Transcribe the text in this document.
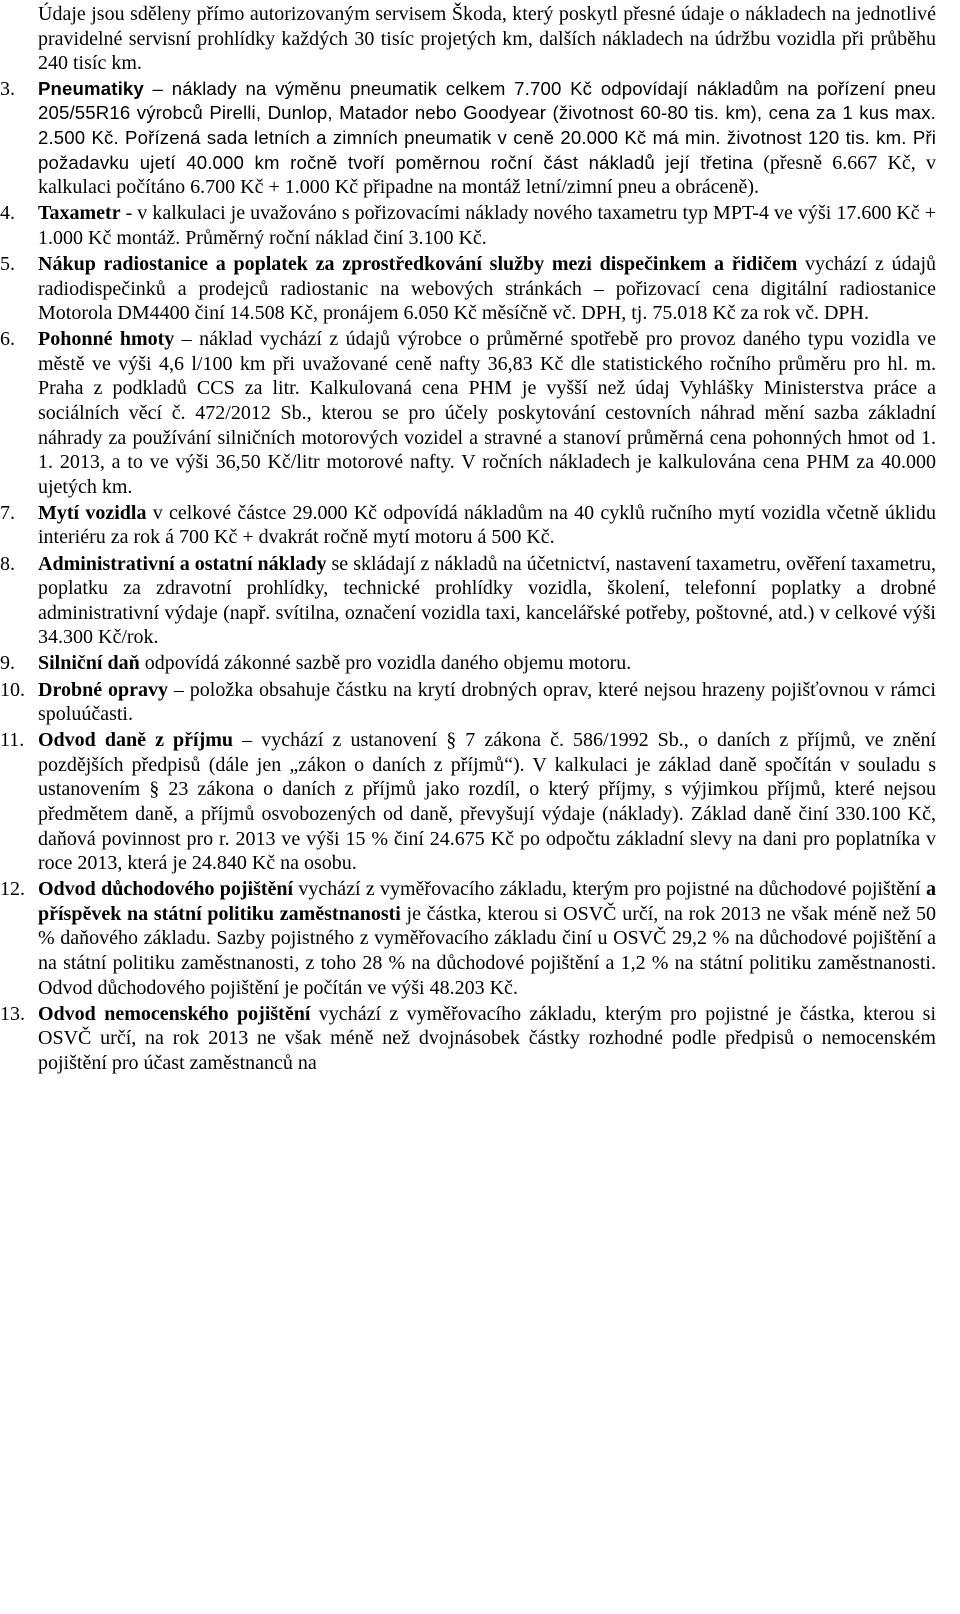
Údaje jsou sděleny přímo autorizovaným servisem Škoda, který poskytl přesné údaje o nákladech na jednotlivé pravidelné servisní prohlídky každých 30 tisíc projetých km, dalších nákladech na údržbu vozidla při průběhu 240 tisíc km.

3.	Pneumatiky – náklady na výměnu pneumatik celkem 7.700 Kč odpovídají nákladům na pořízení pneu 205/55R16 výrobců Pirelli, Dunlop, Matador nebo Goodyear (životnost 60-80 tis. km), cena za 1 kus max. 2.500 Kč. Pořízená sada letních a zimních pneumatik v ceně 20.000 Kč má min. životnost 120 tis. km. Při požadavku ujetí 40.000 km ročně tvoří poměrnou roční část nákladů její třetina (přesně 6.667 Kč, v kalkulaci počítáno 6.700 Kč + 1.000 Kč připadne na montáž letní/zimní pneu a obráceně).
4.	Taxametr - v kalkulaci je uvažováno s pořizovacími náklady nového taxametru typ MPT-4 ve výši 17.600 Kč + 1.000 Kč montáž. Průměrný roční náklad činí 3.100 Kč.
5.	Nákup radiostanice a poplatek za zprostředkování služby mezi dispečinkem a řidičem vychází z údajů radiodispečinků a prodejců radiostanic na webových stránkách – pořizovací cena digitální radiostanice Motorola DM4400 činí 14.508 Kč, pronájem 6.050 Kč měsíčně vč. DPH, tj. 75.018 Kč za rok vč. DPH.
6.	Pohonné hmoty – náklad vychází z údajů výrobce o průměrné spotřebě pro provoz daného typu vozidla ve městě ve výši 4,6 l/100 km při uvažované ceně nafty 36,83 Kč dle statistického ročního průměru pro hl. m. Praha z podkladů CCS za litr. Kalkulovaná cena PHM je vyšší než údaj Vyhlášky Ministerstva práce a sociálních věcí č. 472/2012 Sb., kterou se pro účely poskytování cestovních náhrad mění sazba základní náhrady za používání silničních motorových vozidel a stravné a stanoví průměrná cena pohonných hmot od 1. 1. 2013, a to ve výši 36,50 Kč/litr motorové nafty. V ročních nákladech je kalkulována cena PHM za 40.000 ujetých km.
7.	Mytí vozidla v celkové částce 29.000 Kč odpovídá nákladům na 40 cyklů ručního mytí vozidla včetně úklidu interiéru za rok á 700 Kč + dvakrát ročně mytí motoru á 500 Kč.
8.	Administrativní a ostatní náklady se skládají z nákladů na účetnictví, nastavení taxametru, ověření taxametru, poplatku za zdravotní prohlídky, technické prohlídky vozidla, školení, telefonní poplatky a drobné administrativní výdaje (např. svítilna, označení vozidla taxi, kancelářské potřeby, poštovné, atd.) v celkové výši 34.300 Kč/rok.
9.	Silniční daň odpovídá zákonné sazbě pro vozidla daného objemu motoru.
10. Drobné opravy – položka obsahuje částku na krytí drobných oprav, které nejsou hrazeny pojišťovnou v rámci spoluúčasti.
11. Odvod daně z příjmu – vychází z ustanovení § 7 zákona č. 586/1992 Sb., o daních z příjmů, ve znění pozdějších předpisů (dále jen „zákon o daních z příjmů“). V kalkulaci je základ daně spočítán v souladu s ustanovením § 23 zákona o daních z příjmů jako rozdíl, o který příjmy, s výjimkou příjmů, které nejsou předmětem daně, a příjmů osvobozených od daně, převyšují výdaje (náklady). Základ daně činí 330.100 Kč, daňová povinnost pro r. 2013 ve výši 15 % činí 24.675 Kč po odpočtu základní slevy na dani pro poplatníka v roce 2013, která je 24.840 Kč na osobu.
12. Odvod důchodového pojištění vychází z vyměřovacího základu, kterým pro pojistné na důchodové pojištění a příspěvek na státní politiku zaměstnanosti je částka, kterou si OSVČ určí, na rok 2013 ne však méně než 50 % daňového základu. Sazby pojistného z vyměřovacího základu činí u OSVČ 29,2 % na důchodové pojištění a na státní politiku zaměstnanosti, z toho 28 % na důchodové pojištění a 1,2 % na státní politiku zaměstnanosti. Odvod důchodového pojištění je počítán ve výši 48.203 Kč.
13. Odvod nemocenského pojištění vychází z vyměřovacího základu, kterým pro pojistné je částka, kterou si OSVČ určí, na rok 2013 ne však méně než dvojnásobek částky rozhodné podle předpisů o nemocenském pojištění pro účast zaměstnanců na
